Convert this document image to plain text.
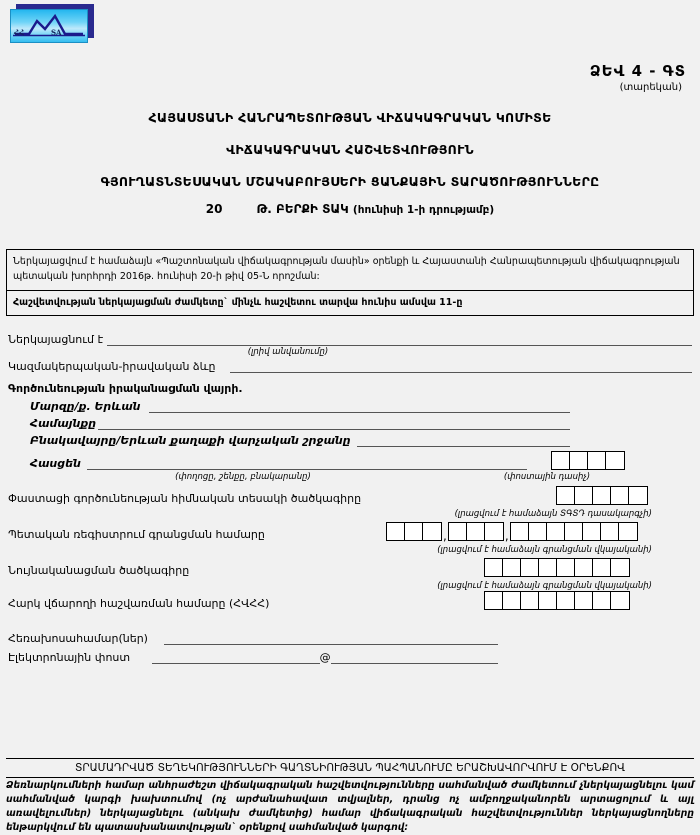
ՀՀ	SA
ՁԵՎ 4 - ԳՏ
(տարեկան)
ՀԱՅԱՍՏԱՆԻ ՀԱՆՐԱՊԵՏՈՒԹՅԱՆ ՎԻՃԱԿԱԳՐԱԿԱՆ ԿՈՄԻՏԵ
ՎԻՃԱԿԱԳՐԱԿԱՆ ՀԱՇՎԵՏՎՈՒԹՅՈՒՆ
ԳՅՈՒՂԱՏՆՏԵՍԱԿԱՆ ՄՇԱԿԱԲՈՒՅՍԵՐԻ ՑԱՆՔԱՅԻՆ ՏԱՐԱԾՈՒԹՅՈՒՆՆԵՐԸ
20	Թ. ԲԵՐՔԻ ՏԱԿ (հունիսի 1-ի դրությամբ)
Ներկայացվում է համաձայն «Պաշտոնական վիճակագրության մասին» օրենքի և Հայաստանի Հանրապետության վիճակագրության պետական խորհրդի 2016թ. հունիսի 20-ի թիվ 05-Ն որոշման:
Հաշվետվության ներկայացման ժամկետը` մինչև հաշվետու տարվա հունիս ամսվա 11-ը
Ներկայացնում է
(լրիվ անվանումը)
Կազմակերպական-իրավական ձևը
Գործունեության իրականացման վայրի.
Մարզը/ք. Երևան
Համայնքը
Բնակավայրը/Երևան քաղաքի վարչական շրջանը
Հասցեն
(փողոցը, շենքը, բնակարանը)	(փոստային դասիչ)
Փաստացի գործունեության հիմնական տեսակի ծածկագիրը
(լրացվում է համաձայն ՏԳՏԴ դասակարգչի)
Պետական ռեգիստրում գրանցման համարը	,	,
(լրացվում է համաձայն գրանցման վկայականի)
Նույնականացման ծածկագիրը
(լրացվում է համաձայն գրանցման վկայականի)
Հարկ վճարողի հաշվառման համարը (ՀՎՀՀ)
Հեռախոսահամար(ներ)
Էլեկտրոնային փոստ	@
ՏՐԱՄԱԴՐՎԱԾ ՏԵՂԵԿՈՒԹՅՈՒՆՆԵՐԻ ԳԱՂՏՆԻՈՒԹՅԱՆ ՊԱՀՊԱՆՈՒՄԸ ԵՐԱՇԽԱՎՈՐՎՈՒՄ Է ՕՐԵՆՔՈՎ
Ձեռնարկումների համար անհրաժեշտ վիճակագրական հաշվետվությունները սահմանված ժամկետում չներկայացնելու կամ սահմանված կարգի խախտումով (ոչ արժանահավատ տվյալներ, դրանց ոչ ամբողջականորեն արտացոլում և այլ առավելումներ) ներկայացնելու (անկախ ժամկետից) համար վիճակագրական հաշվետվություններ ներկայացնողները ենթարկվում են պատասխանատվության` օրենքով սահմանված կարգով:
